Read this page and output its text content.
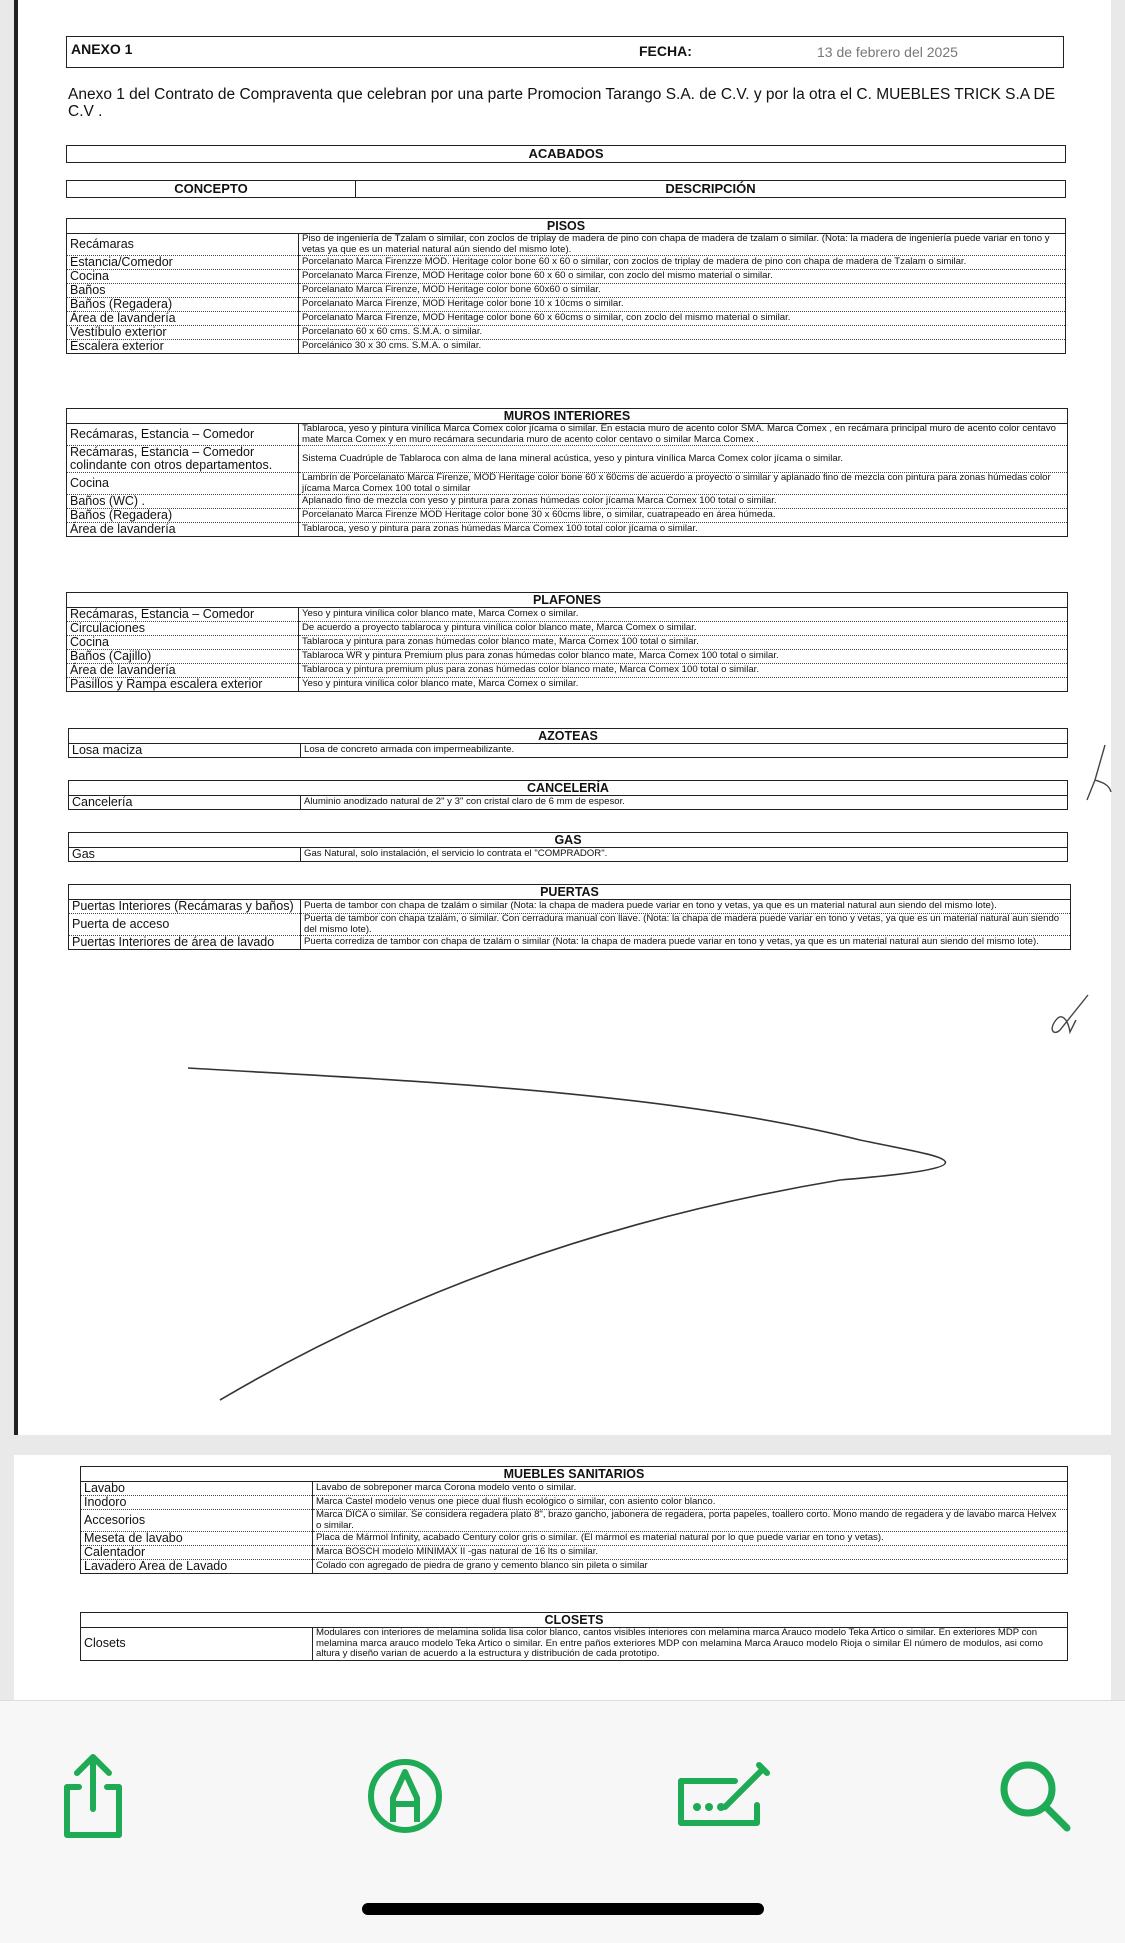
ANEXO 1	FECHA:	13 de febrero del 2025
Anexo 1 del Contrato de Compraventa que celebran por una parte Promocion Tarango S.A. de C.V. y por la otra el C. MUEBLES TRICK S.A DE C.V .
ACABADOS
CONCEPTO	DESCRIPCIÓN
PISOS	
Recámaras	Piso de ingeniería de Tzalam o similar, con zoclos de triplay de madera de pino con chapa de madera de tzalam o similar. (Nota: la madera de ingeniería puede variar en tono y vetas ya que es un material natural aún siendo del mismo lote).
Estancia/Comedor	Porcelanato Marca Firenzze MOD. Heritage color bone 60 x 60 o similar, con zoclos de triplay de madera de pino con chapa de madera de Tzalam o similar.
Cocina	Porcelanato Marca Firenze, MOD Heritage color bone 60 x 60 o similar, con zoclo del mismo material o similar.
Baños	Porcelanato Marca Firenze, MOD Heritage color bone 60x60 o similar.
Baños (Regadera)	Porcelanato Marca Firenze, MOD Heritage color bone 10 x 10cms o similar.
Área de lavandería	Porcelanato Marca Firenze, MOD Heritage color bone 60 x 60cms o similar, con zoclo del mismo material o similar.
Vestíbulo exterior	Porcelanato 60 x 60 cms. S.M.A. o similar.
Escalera exterior	Porcelánico 30 x 30 cms. S.M.A. o similar.
MUROS INTERIORES	
Recámaras, Estancia – Comedor	Tablaroca, yeso y pintura vinílica Marca Comex color jícama o similar. En estacia muro de acento color SMA. Marca Comex , en recámara principal muro de acento color centavo mate Marca Comex y en muro recámara secundaria muro de acento color centavo o similar Marca Comex .
Recámaras, Estancia – Comedor colindante con otros departamentos.	Sistema Cuadrúple de Tablaroca con alma de lana mineral acústica, yeso y pintura vinílica Marca Comex color jícama o similar.
Cocina	Lambrín de Porcelanato Marca Firenze, MOD Heritage color bone 60 x 60cms de acuerdo a proyecto o similar y aplanado fino de mezcla con pintura para zonas húmedas color jícama Marca Comex 100 total o similar
Baños (WC) .	Aplanado fino de mezcla con yeso y pintura para zonas húmedas color jícama Marca Comex 100 total o similar.
Baños (Regadera)	Porcelanato Marca Firenze MOD Heritage color bone 30 x 60cms libre, o similar, cuatrapeado en área húmeda.
Área de lavandería	Tablaroca, yeso y pintura para zonas húmedas Marca Comex 100 total color jícama o similar.
PLAFONES	
Recámaras, Estancia – Comedor	Yeso y pintura vinílica color blanco mate, Marca Comex o similar.
Circulaciones	De acuerdo a proyecto tablaroca y pintura vinílica color blanco mate, Marca Comex o similar.
Cocina	Tablaroca y pintura para zonas húmedas color blanco mate, Marca Comex 100 total o similar.
Baños (Cajillo)	Tablaroca WR y pintura Premium plus para zonas húmedas color blanco mate, Marca Comex 100 total o similar.
Área de lavandería	Tablaroca y pintura premium plus para zonas húmedas color blanco mate, Marca Comex 100 total o similar.
Pasillos y Rampa escalera exterior	Yeso y pintura vinílica color blanco mate, Marca Comex o similar.
AZOTEAS
Losa maciza	Losa de concreto armada con impermeabilizante.
CANCELERÍA
Cancelería	Aluminio anodizado natural de 2" y 3" con cristal claro de 6 mm de espesor.
GAS
Gas	Gas Natural, solo instalación, el servicio lo contrata el "COMPRADOR".
PUERTAS	
Puertas Interiores (Recámaras y baños)	Puerta de tambor con chapa de tzalám o similar (Nota: la chapa de madera puede variar en tono y vetas, ya que es un material natural aun siendo del mismo lote).
Puerta de acceso	Puerta de tambor con chapa tzalám, o similar. Con cerradura manual con llave. (Nota: la chapa de madera puede variar en tono y vetas, ya que es un material natural aun siendo del mismo lote).
Puertas Interiores de área de lavado	Puerta corrediza de tambor con chapa de tzalám o similar (Nota: la chapa de madera puede variar en tono y vetas, ya que es un material natural aun siendo del mismo lote).
MUEBLES SANITARIOS	
Lavabo	Lavabo de sobreponer marca Corona modelo vento o similar.
Inodoro	Marca Castel modelo venus one piece dual flush ecológico o similar, con asiento color blanco.
Accesorios	Marca DICA o similar. Se considera regadera plato 8", brazo gancho, jabonera de regadera, porta papeles, toallero corto. Mono mando de regadera y de lavabo marca Helvex o similar.
Meseta de lavabo	Placa de Mármol Infinity, acabado Century color gris o similar. (El mármol es material natural por lo que puede variar en tono y vetas).
Calentador	Marca BOSCH modelo MINIMAX II -gas natural de 16 lts o similar.
Lavadero Area de Lavado	Colado con agregado de piedra de grano y cemento blanco sin pileta o similar
CLOSETS
Closets	Modulares con interiores de melamina solida lisa color blanco, cantos visibles interiores con melamina marca Arauco modelo Teka Artico o similar. En exteriores MDP con melamina marca arauco modelo Teka Artico o similar. En entre paños exteriores MDP con melamina Marca Arauco modelo Rioja o similar El número de modulos, asi como altura y diseño varian de acuerdo a la estructura y distribución de cada prototipo.
